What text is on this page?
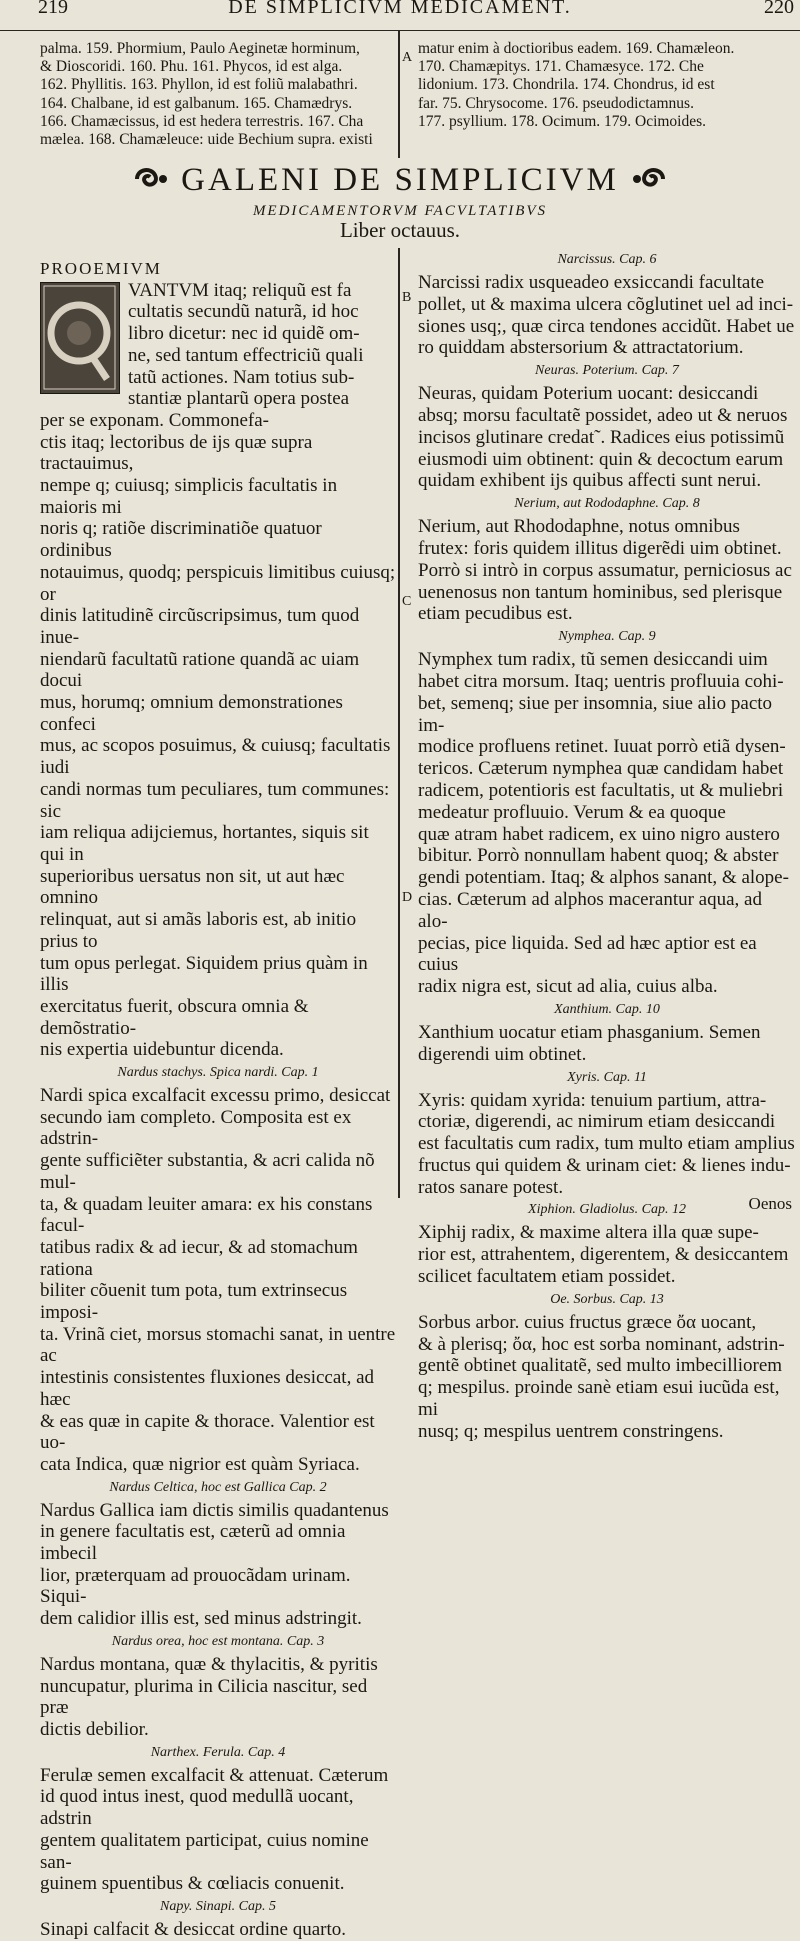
219	DE SIMPLICIVM MEDICAMENT.	220
A
B
C
D

palma. 159. Phormium, Paulo Aeginetæ horminum,

& Dioscoridi. 160. Phu. 161. Phycos, id est alga.

162. Phyllitis. 163. Phyllon, id est foliũ malabathri.

164. Chalbane, id est galbanum. 165. Chamædrys.

166. Chamæcissus, id est hedera terrestris. 167. Cha

mælea. 168. Chamæleuce: uide Bechium supra. existi

matur enim à doctioribus eadem. 169. Chamæleon.

170. Chamæpitys. 171. Chamæsyce. 172. Che

lidonium. 173. Chondrila. 174. Chondrus, id est

far. 75. Chrysocome. 176. pseudodictamnus.

177. psyllium. 178. Ocimum. 179. Ocimoides.

GALENI DE SIMPLICIVM
MEDICAMENTORVM FACVLTATIBVS
Liber octauus.
PROOEMIVM

VANTVM itaq; reliquũ est fa

cultatis secundũ naturã, id hoc

libro dicetur: nec id quidẽ om-

ne, sed tantum effectriciũ quali

tatũ actiones. Nam totius sub-

stantiæ plantarũ opera postea

per se exponam. Commonefa-

ctis itaq; lectoribus de ijs quæ supra tractauimus,

nempe q; cuiusq; simplicis facultatis in maioris mi

noris q; ratiõe discriminatiõe quatuor ordinibus

notauimus, quodq; perspicuis limitibus cuiusq; or

dinis latitudinẽ circũscripsimus, tum quod inue-

niendarũ facultatũ ratione quandã ac uiam docui

mus, horumq; omnium demonstrationes confeci

mus, ac scopos posuimus, & cuiusq; facultatis iudi

candi normas tum peculiares, tum communes: sic

iam reliqua adijciemus, hortantes, siquis sit qui in

superioribus uersatus non sit, ut aut hæc omnino

relinquat, aut si amãs laboris est, ab initio prius to

tum opus perlegat. Siquidem prius quàm in illis

exercitatus fuerit, obscura omnia & demõstratio-

nis expertia uidebuntur dicenda.

Nardus stachys. Spica nardi. Cap. 1

Nardi spica excalfacit excessu primo, desiccat

secundo iam completo. Composita est ex adstrin-

gente sufficiẽter substantia, & acri calida nõ mul-

ta, & quadam leuiter amara: ex his constans facul-

tatibus radix & ad iecur, & ad stomachum rationa

biliter cõuenit tum pota, tum extrinsecus imposi-

ta. Vrinã ciet, morsus stomachi sanat, in uentre ac

intestinis consistentes fluxiones desiccat, ad hæc

& eas quæ in capite & thorace. Valentior est uo-

cata Indica, quæ nigrior est quàm Syriaca.

Nardus Celtica, hoc est Gallica Cap. 2

Nardus Gallica iam dictis similis quadantenus

in genere facultatis est, cæterũ ad omnia imbecil

lior, præterquam ad prouocãdam urinam. Siqui-

dem calidior illis est, sed minus adstringit.

Nardus orea, hoc est montana. Cap. 3

Nardus montana, quæ & thylacitis, & pyritis

nuncupatur, plurima in Cilicia nascitur, sed præ

dictis debilior.

Narthex. Ferula. Cap. 4

Ferulæ semen excalfacit & attenuat. Cæterum

id quod intus inest, quod medullã uocant, adstrin

gentem qualitatem participat, cuius nomine san-

guinem spuentibus & cœliacis conuenit.

Napy. Sinapi. Cap. 5

Sinapi calfacit & desiccat ordine quarto.

Narcissus. Cap. 6

Narcissi radix usqueadeo exsiccandi facultate

pollet, ut & maxima ulcera cõglutinet uel ad inci-

siones usq;, quæ circa tendones accidũt. Habet ue

ro quiddam abstersorium & attractatorium.

Neuras. Poterium. Cap. 7

Neuras, quidam Poterium uocant: desiccandi

absq; morsu facultatẽ possidet, adeo ut & neruos

incisos glutinare credat˜. Radices eius potissimũ

eiusmodi uim obtinent: quin & decoctum earum

quidam exhibent ijs quibus affecti sunt nerui.

Nerium, aut Rododaphne. Cap. 8

Nerium, aut Rhododaphne, notus omnibus

frutex: foris quidem illitus digerẽdi uim obtinet.

Porrò si intrò in corpus assumatur, perniciosus ac

uenenosus non tantum hominibus, sed plerisque

etiam pecudibus est.

Nymphea. Cap. 9

Nymphex tum radix, tũ semen desiccandi uim

habet citra morsum. Itaq; uentris profluuia cohi-

bet, semenq; siue per insomnia, siue alio pacto im-

modice profluens retinet. Iuuat porrò etiã dysen-

tericos. Cæterum nymphea quæ candidam habet

radicem, potentioris est facultatis, ut & muliebri

medeatur profluuio. Verum & ea quoque

quæ atram habet radicem, ex uino nigro austero

bibitur. Porrò nonnullam habent quoq; & abster

gendi potentiam. Itaq; & alphos sanant, & alope-

cias. Cæterum ad alphos macerantur aqua, ad alo-

pecias, pice liquida. Sed ad hæc aptior est ea cuius

radix nigra est, sicut ad alia, cuius alba.

Xanthium. Cap. 10

Xanthium uocatur etiam phasganium. Semen

digerendi uim obtinet.

Xyris. Cap. 11

Xyris: quidam xyrida: tenuium partium, attra-

ctoriæ, digerendi, ac nimirum etiam desiccandi

est facultatis cum radix, tum multo etiam amplius

fructus qui quidem & urinam ciet: & lienes indu-

ratos sanare potest.

Xiphion. Gladiolus. Cap. 12

Xiphij radix, & maxime altera illa quæ supe-

rior est, attrahentem, digerentem, & desiccantem

scilicet facultatem etiam possidet.

Oe. Sorbus. Cap. 13

Sorbus arbor. cuius fructus græce ὄα uocant,

& à plerisq; ὄα, hoc est sorba nominant, adstrin-

gentẽ obtinet qualitatẽ, sed multo imbecilliorem

q; mespilus. proinde sanè etiam esui iucũda est, mi

nusq; q; mespilus uentrem constringens.

Oenos
